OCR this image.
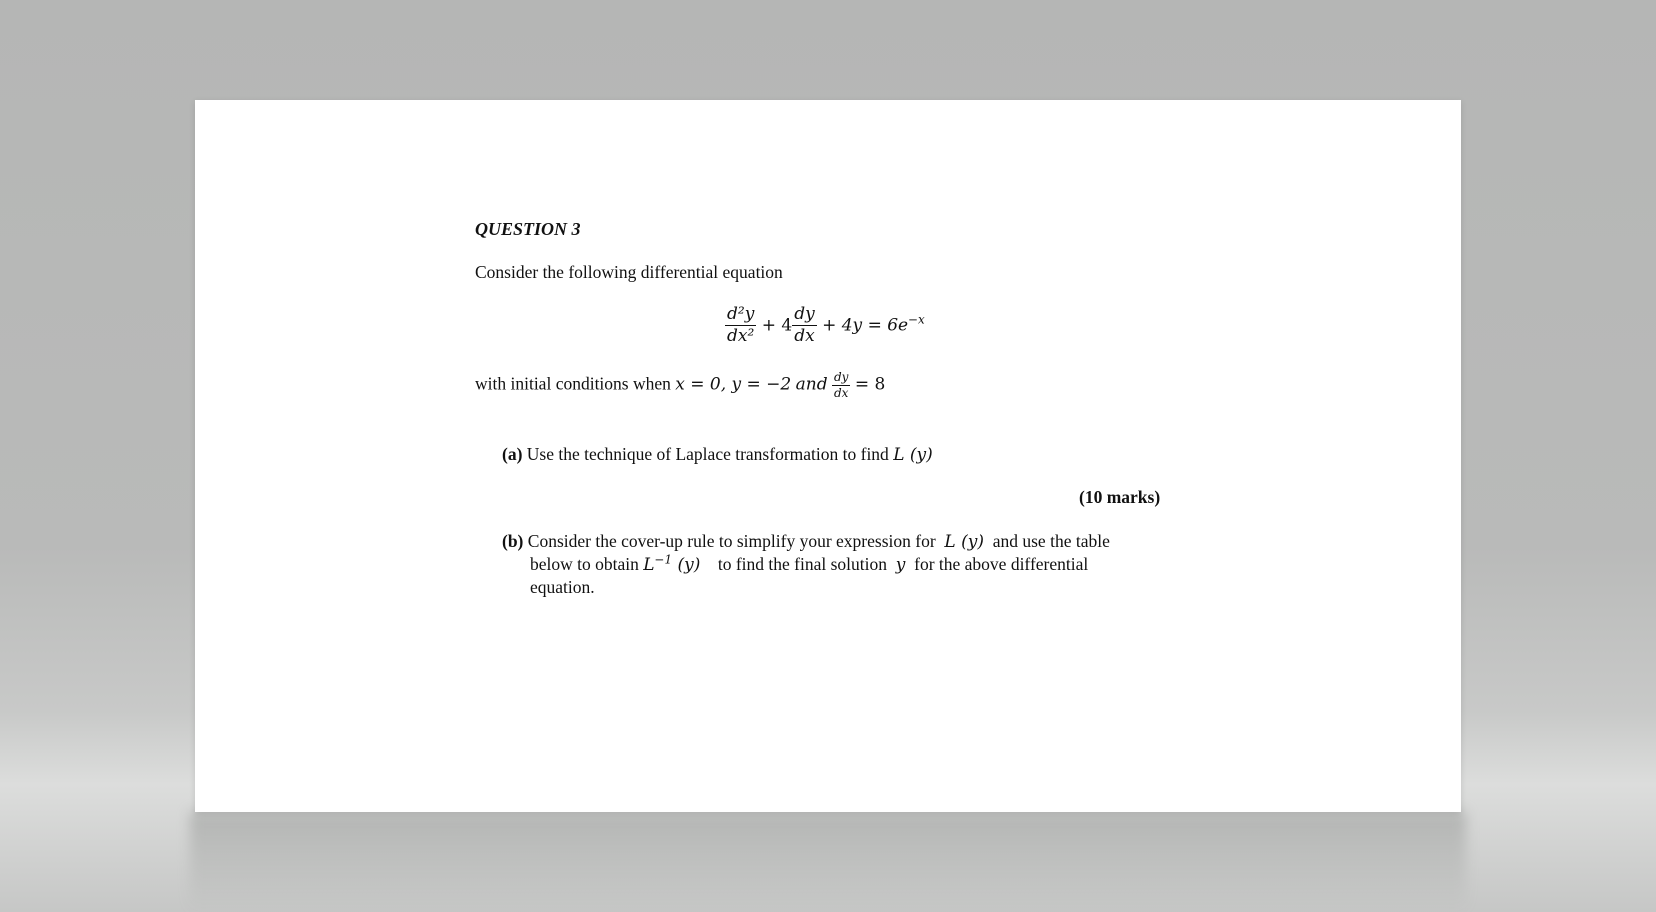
QUESTION 3
Consider the following differential equation
$\frac{\text{d²y}}{\text{dx²}} + 4 \frac{dy}{dx} + 4y = 6e^{-x}$
with initial conditions when x = 0, y = −2 and $\frac{dy}{dx} = 8$
(a) Use the technique of Laplace transformation to find L (y)
(10 marks)
(b) Consider the cover-up rule to simplify your expression for L (y) and use the table
below to obtain $L^{-1}$ (y) to find the final solution y for the above differential
equation.
